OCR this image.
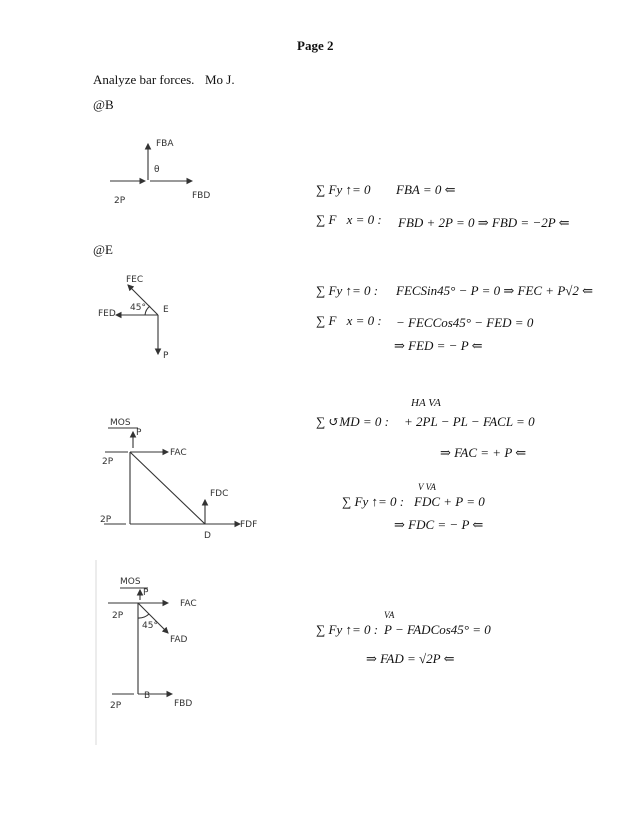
Page 2
Analyze bar forces. Mo J.
@B
@E
FBA
θ
2P	FBD
FEC
45°
FED	E
P
MOS
P
FAC
2P
FDC
2P	FDF
D
MOS
P
FAC
2P
45°
FAD
2P
B
FBD
∑ Fy ↑= 0 FBA = 0 ⇐
∑ F⃗x = 0 : FBD + 2P = 0 ⇒ FBD = −2P ⇐
∑ Fy ↑= 0 : FECSin45° − P = 0 ⇒ FEC + P√2 ⇐
∑ F⃗x = 0 : − FECCos45° − FED = 0
⇒ FED = − P ⇐
HA VA
∑ ↺MD = 0 : + 2PL − PL − FACL = 0
⇒ FAC = + P ⇐
V VA
∑ Fy ↑= 0 : FDC + P = 0
⇒ FDC = − P ⇐
VA
∑ Fy ↑= 0 : P − FADCos45° = 0
⇒ FAD = √2P ⇐
